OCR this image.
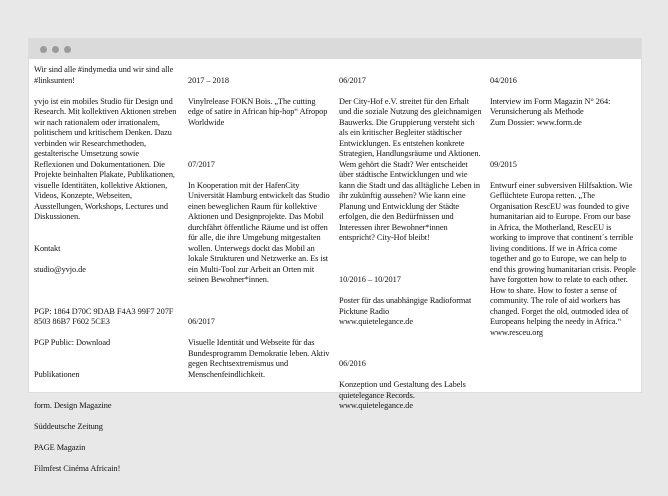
Wir sind alle #indymedia und wir sind alle #linksunten!

yvjo ist ein mobiles Studio für Design und Research. Mit kollektiven Aktionen streben wir nach rationalem oder irrationalem, politischem und kritischem Denken. Dazu verbinden wir Researchmethoden, gestalterische Umsetzung sowie Reflexionen und Dokumentationen. Die Projekte beinhalten Plakate, Publikationen, visuelle Identitäten, kollektive Aktionen, Videos, Konzepte, Webseiten, Ausstellungen, Workshops, Lectures und Diskussionen.

Kontakt

studio@yvjo.de

PGP: 1864 D70C 9DAB F4A3 99F7 207F 8503 86B7 F602 5CE3

PGP Public: Download

Publikationen

form. Design Magazine

Süddeutsche Zeitung

PAGE Magazin

Filmfest Cinéma Africain!

2017 – 2018

Vinylrelease FOKN Bois. „The cutting edge of satire in African hip-hop“ Afropop Worldwide

07/2017

In Kooperation mit der HafenCity Universität Hamburg entwickelt das Studio einen beweglichen Raum für kollektive Aktionen und Designprojekte. Das Mobil durchfährt öffentliche Räume und ist offen für alle, die ihre Umgebung mitgestalten wollen. Unterwegs dockt das Mobil an lokale Strukturen und Netzwerke an. Es ist ein Multi-Tool zur Arbeit an Orten mit seinen Bewohner*innen.

06/2017

Visuelle Identität und Webseite für das Bundesprogramm Demokratie leben. Aktiv gegen Rechtsextremismus und Menschenfeindlichkeit.

06/2017

Der City-Hof e.V. streitet für den Erhalt und die soziale Nutzung des gleichnamigen Bauwerks. Die Gruppierung versteht sich als ein kritischer Begleiter städtischer Entwicklungen. Es entstehen konkrete Strategien, Handlungsräume und Aktionen. Wem gehört die Stadt? Wer entscheidet über städtische Entwicklungen und wie kann die Stadt und das alltägliche Leben in ihr zukünftig aussehen? Wie kann eine Planung und Entwicklung der Städte erfolgen, die den Bedürfnissen und Interessen ihrer Bewohner*innen entspricht? City-Hof bleibt!

10/2016 – 10/2017

Poster für das unabhängige Radioformat Picktune Radio
www.quietelegance.de

06/2016

Konzeption und Gestaltung des Labels quietelegance Records.
www.quietelegance.de

04/2016

Interview im Form Magazin N° 264: Verunsicherung als Methode
Zum Dossier: www.form.de

09/2015

Entwurf einer subversiven Hilfsaktion. Wie Geflüchtete Europa retten. „The Organisation RescEU was founded to give humanitarian aid to Europe. From our base in Africa, the Motherland, RescEU is working to improve that continent´s terrible living conditions. If we in Africa come together and go to Europe, we can help to end this growing humanitarian crisis. People have forgotten how to relate to each other. How to share. How to foster a sense of community. The role of aid workers has changed. Forget the old, outmoded idea of Europeans helping the needy in Africa.“
www.resceu.org
